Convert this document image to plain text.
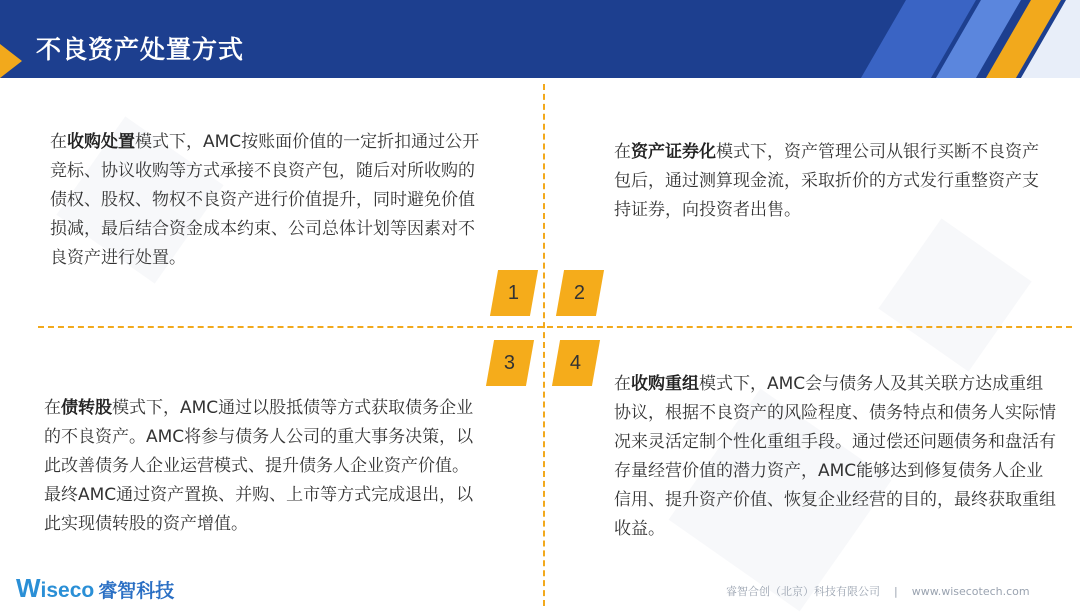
不良资产处置方式
1	2
3	4

在收购处置模式下，AMC按账面价值的一定折扣通过公开竞标、协议收购等方式承接不良资产包，随后对所收购的债权、股权、物权不良资产进行价值提升，同时避免价值损减，最后结合资金成本约束、公司总体计划等因素对不良资产进行处置。

在资产证券化模式下，资产管理公司从银行买断不良资产包后，通过测算现金流，采取折价的方式发行重整资产支持证券，向投资者出售。

在债转股模式下，AMC通过以股抵债等方式获取债务企业的不良资产。AMC将参与债务人公司的重大事务决策，以此改善债务人企业运营模式、提升债务人企业资产价值。最终AMC通过资产置换、并购、上市等方式完成退出，以此实现债转股的资产增值。

在收购重组模式下，AMC会与债务人及其关联方达成重组协议，根据不良资产的风险程度、债务特点和债务人实际情况来灵活定制个性化重组手段。通过偿还问题债务和盘活有存量经营价值的潜力资产，AMC能够达到修复债务人企业信用、提升资产价值、恢复企业经营的目的，最终获取重组收益。

W iseco 睿智科技	睿智合创（北京）科技有限公司 | www.wisecotech.com
